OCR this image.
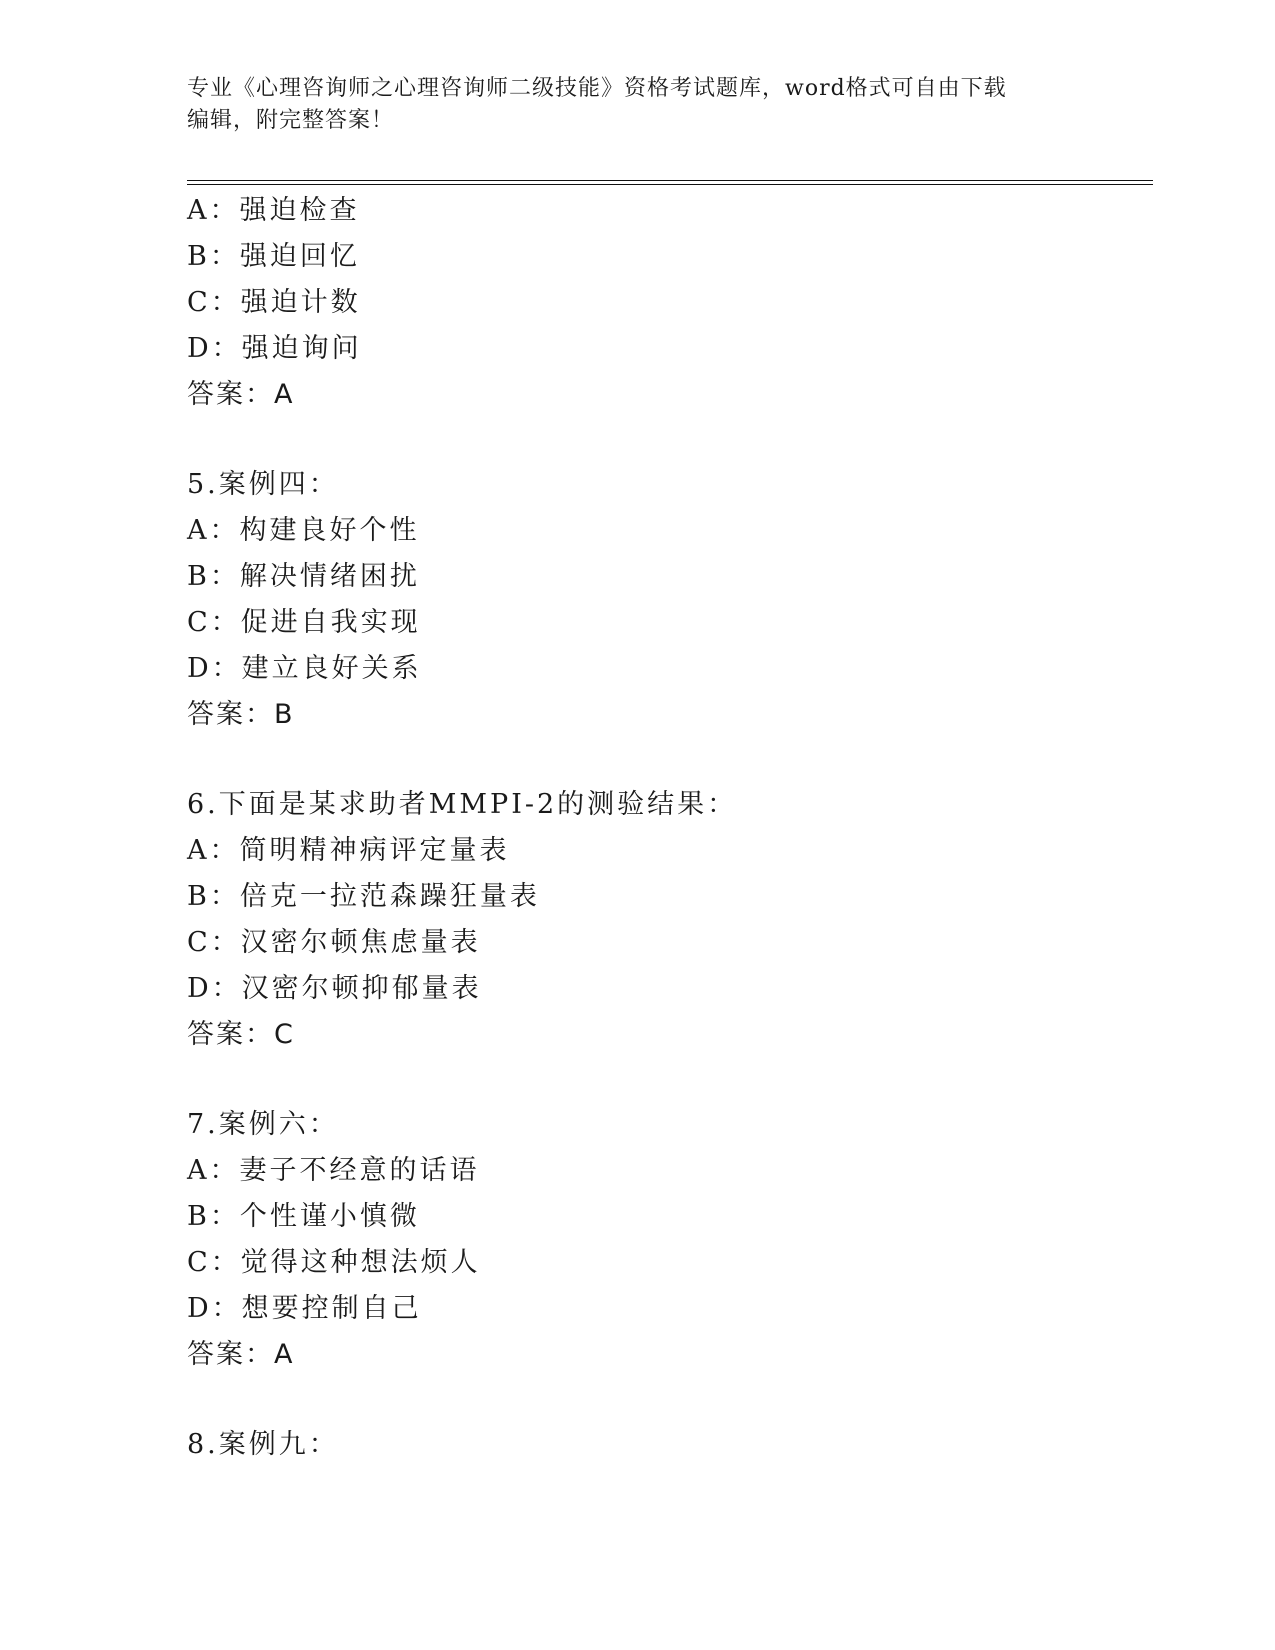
专业《心理咨询师之心理咨询师二级技能》资格考试题库，word格式可自由下载
编辑，附完整答案！
A：强迫检查
B：强迫回忆
C：强迫计数
D：强迫询问
答案：A
5.案例四：
A：构建良好个性
B：解决情绪困扰
C：促进自我实现
D：建立良好关系
答案：B
6.下面是某求助者MMPI-2的测验结果：
A：简明精神病评定量表
B：倍克一拉范森躁狂量表
C：汉密尔顿焦虑量表
D：汉密尔顿抑郁量表
答案：C
7.案例六：
A：妻子不经意的话语
B：个性谨小慎微
C：觉得这种想法烦人
D：想要控制自己
答案：A
8.案例九：
